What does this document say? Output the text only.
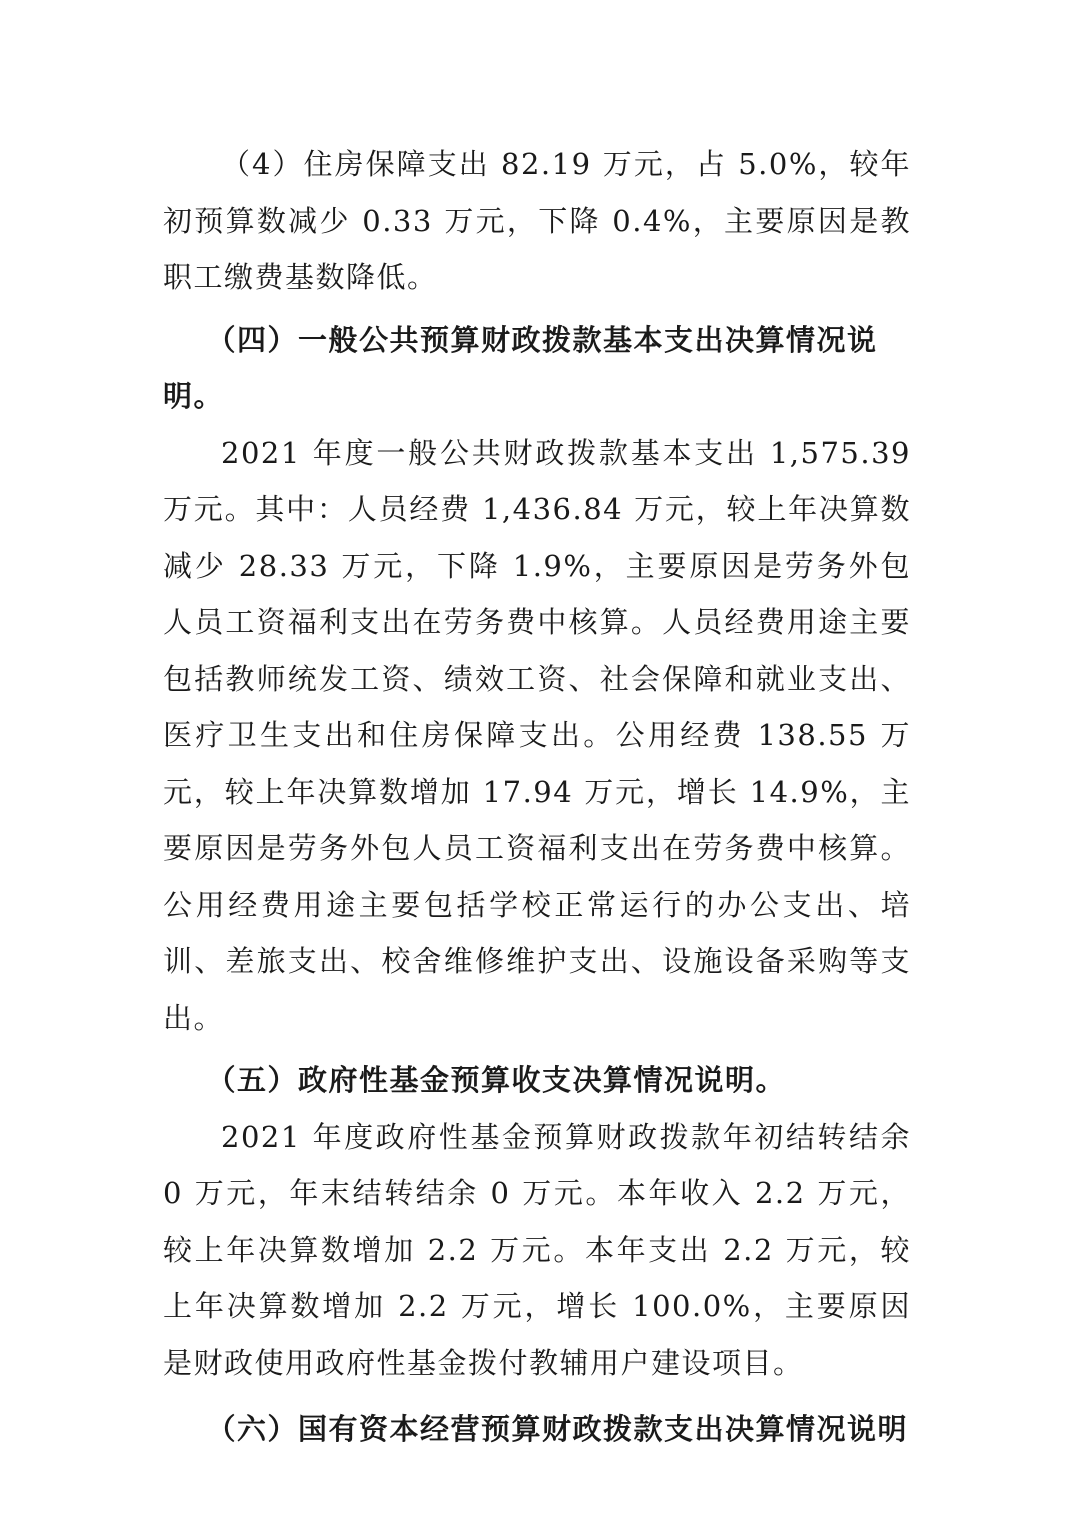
（4）住房保障支出 82.19 万元，占 5.0%，较年初预算数减少 0.33 万元，下降 0.4%，主要原因是教职工缴费基数降低。

（四）一般公共预算财政拨款基本支出决算情况说明。

2021 年度一般公共财政拨款基本支出 1,575.39 万元。其中：人员经费 1,436.84 万元，较上年决算数减少 28.33 万元，下降 1.9%，主要原因是劳务外包人员工资福利支出在劳务费中核算。人员经费用途主要包括教师统发工资、绩效工资、社会保障和就业支出、医疗卫生支出和住房保障支出。公用经费 138.55 万元，较上年决算数增加 17.94 万元，增长 14.9%，主要原因是劳务外包人员工资福利支出在劳务费中核算。公用经费用途主要包括学校正常运行的办公支出、培训、差旅支出、校舍维修维护支出、设施设备采购等支出。

（五）政府性基金预算收支决算情况说明。

2021 年度政府性基金预算财政拨款年初结转结余 0 万元，年末结转结余 0 万元。本年收入 2.2 万元，较上年决算数增加 2.2 万元。本年支出 2.2 万元，较上年决算数增加 2.2 万元，增长 100.0%，主要原因是财政使用政府性基金拨付教辅用户建设项目。

（六）国有资本经营预算财政拨款支出决算情况说明
